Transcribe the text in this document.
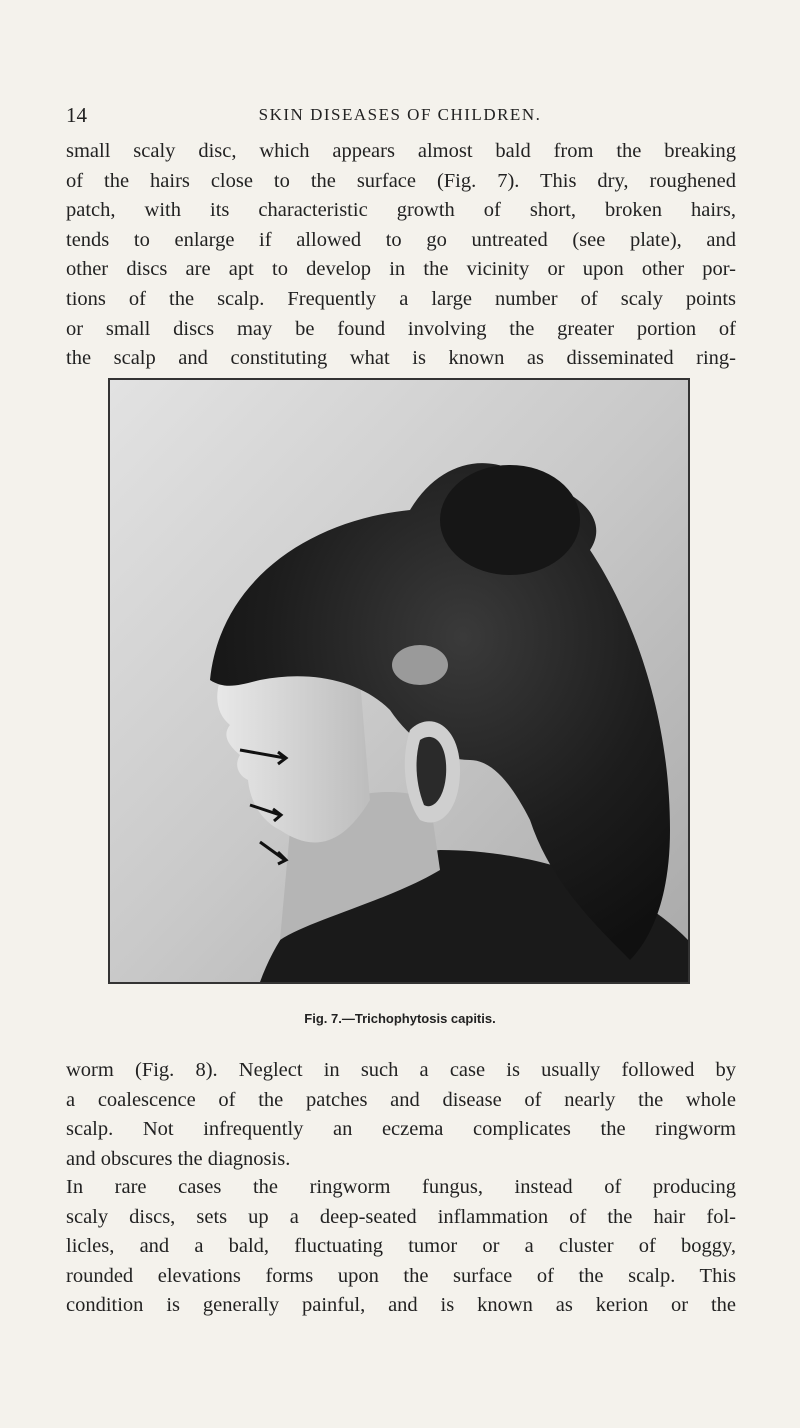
14	SKIN DISEASES OF CHILDREN.

small scaly disc, which appears almost bald from the breaking
of the hairs close to the surface (Fig. 7). This dry, roughened
patch, with its characteristic growth of short, broken hairs,
tends to enlarge if allowed to go untreated (see plate), and
other discs are apt to develop in the vicinity or upon other por-
tions of the scalp. Frequently a large number of scaly points
or small discs may be found involving the greater portion of
the scalp and constituting what is known as disseminated ring-

Fig. 7.—Trichophytosis capitis.

worm (Fig. 8). Neglect in such a case is usually followed by
a coalescence of the patches and disease of nearly the whole
scalp. Not infrequently an eczema complicates the ringworm
and obscures the diagnosis.

In rare cases the ringworm fungus, instead of producing
scaly discs, sets up a deep-seated inflammation of the hair fol-
licles, and a bald, fluctuating tumor or a cluster of boggy,
rounded elevations forms upon the surface of the scalp. This
condition is generally painful, and is known as kerion or the
